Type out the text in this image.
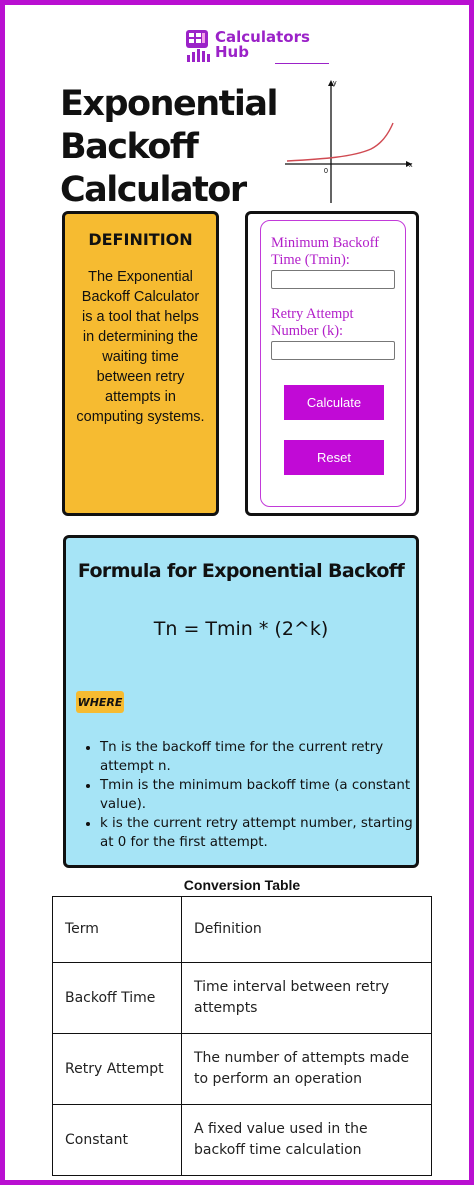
Calculators
Hub
Exponential
Backoff
Calculator
y
x
0
DEFINITION
The Exponential Backoff Calculator is a tool that helps in determining the waiting time between retry attempts in computing systems.
Minimum Backoff Time (Tmin):
Retry Attempt Number (k):
Calculate
Reset
Formula for Exponential Backoff
Tn = Tmin * (2^k)
WHERE
• Tn is the backoff time for the current retry attempt n.
• Tmin is the minimum backoff time (a constant value).
• k is the current retry attempt number, starting at 0 for the first attempt.
Conversion Table
Term	Definition
Backoff Time	Time interval between retry attempts
Retry Attempt	The number of attempts made to perform an operation
Constant	A fixed value used in the backoff time calculation
